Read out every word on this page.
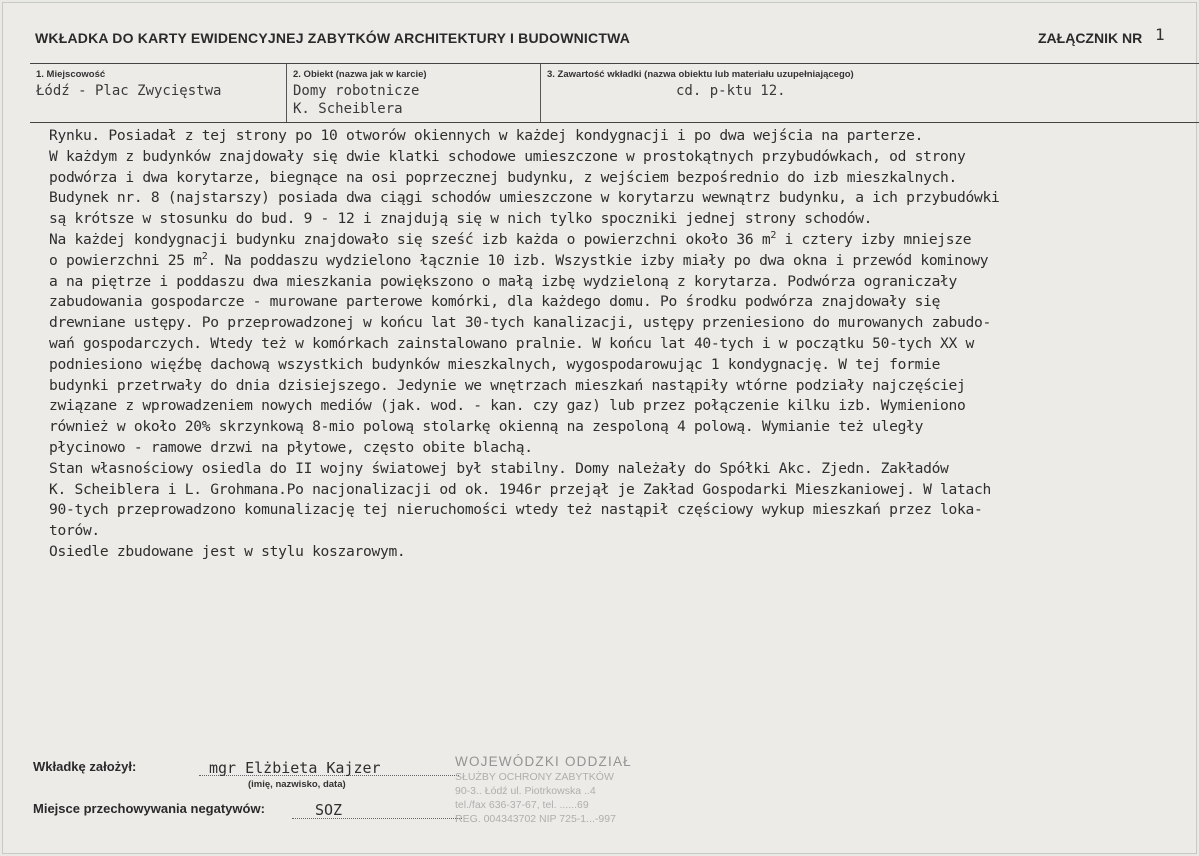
WKŁADKA DO KARTY EWIDENCYJNEJ ZABYTKÓW ARCHITEKTURY I BUDOWNICTWA	ZAŁĄCZNIK NR 1
1. Miejscowość
Łódź - Plac Zwycięstwa
2. Obiekt (nazwa jak w karcie)
Domy robotnicze
K. Scheiblera
3. Zawartość wkładki (nazwa obiektu lub materiału uzupełniającego)
cd. p-ktu 12.
Rynku. Posiadał z tej strony po 10 otworów okiennych w każdej kondygnacji i po dwa wejścia na parterze.
W każdym z budynków znajdowały się dwie klatki schodowe umieszczone w prostokątnych przybudówkach, od strony
podwórza i dwa korytarze, biegnące na osi poprzecznej budynku, z wejściem bezpośrednio do izb mieszkalnych.
Budynek nr. 8 (najstarszy) posiada dwa ciągi schodów umieszczone w korytarzu wewnątrz budynku, a ich przybudówki
są krótsze w stosunku do bud. 9 - 12 i znajdują się w nich tylko spoczniki jednej strony schodów.
Na każdej kondygnacji budynku znajdowało się sześć izb każda o powierzchni około 36 $m^2$ i cztery izby mniejsze
o powierzchni 25 $m^2$. Na poddaszu wydzielono łącznie 10 izb. Wszystkie izby miały po dwa okna i przewód kominowy
a na piętrze i poddaszu dwa mieszkania powiększono o małą izbę wydzieloną z korytarza. Podwórza ograniczały
zabudowania gospodarcze - murowane parterowe komórki, dla każdego domu. Po środku podwórza znajdowały się
drewniane ustępy. Po przeprowadzonej w końcu lat 30-tych kanalizacji, ustępy przeniesiono do murowanych zabudo-
wań gospodarczych. Wtedy też w komórkach zainstalowano pralnie. W końcu lat 40-tych i w początku 50-tych XX w
podniesiono więźbę dachową wszystkich budynków mieszkalnych, wygospodarowując 1 kondygnację. W tej formie
budynki przetrwały do dnia dzisiejszego. Jedynie we wnętrzach mieszkań nastąpiły wtórne podziały najczęściej
związane z wprowadzeniem nowych mediów (jak. wod. - kan. czy gaz) lub przez połączenie kilku izb. Wymieniono
również w około 20% skrzynkową 8-mio polową stolarkę okienną na zespoloną 4 polową. Wymianie też uległy
płycinowo - ramowe drzwi na płytowe, często obite blachą.
Stan własnościowy osiedla do II wojny światowej był stabilny. Domy należały do Spółki Akc. Zjedn. Zakładów
K. Scheiblera i L. Grohmana.Po nacjonalizacji od ok. 1946r przejął je Zakład Gospodarki Mieszkaniowej. W latach
90-tych przeprowadzono komunalizację tej nieruchomości wtedy też nastąpił częściowy wykup mieszkań przez loka-
torów.
Osiedle zbudowane jest w stylu koszarowym.
Wkładkę założył:	mgr Elżbieta Kajzer
(imię, nazwisko, data)
Miejsce przechowywania negatywów:	SOZ
WOJEWÓDZKI ODDZIAŁ
SŁUŻBY OCHRONY ZABYTKÓW
90-3.. Łódź ul. Piotrkowska ..4
tel./fax 636-37-67, tel. ......69
REG. 004343702 NIP 725-1...-997
